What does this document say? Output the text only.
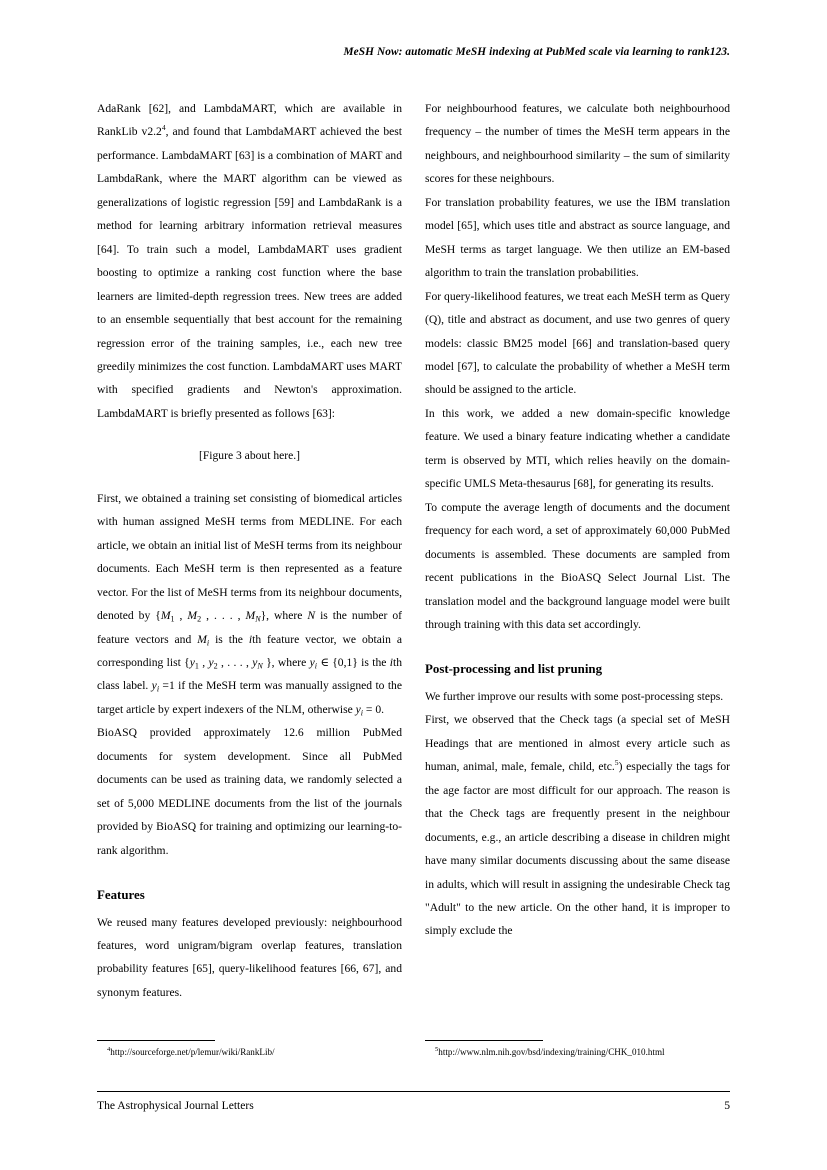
MeSH Now: automatic MeSH indexing at PubMed scale via learning to rank123.

AdaRank [62], and LambdaMART, which are available in RankLib v2.2$^4$, and found that LambdaMART achieved the best performance. LambdaMART [63] is a combination of MART and LambdaRank, where the MART algorithm can be viewed as generalizations of logistic regression [59] and LambdaRank is a method for learning arbitrary information retrieval measures [64]. To train such a model, LambdaMART uses gradient boosting to optimize a ranking cost function where the base learners are limited-depth regression trees. New trees are added to an ensemble sequentially that best account for the remaining regression error of the training samples, i.e., each new tree greedily minimizes the cost function. LambdaMART uses MART with specified gradients and Newton's approximation. LambdaMART is briefly presented as follows [63]:

[Figure 3 about here.]

First, we obtained a training set consisting of biomedical articles with human assigned MeSH terms from MEDLINE. For each article, we obtain an initial list of MeSH terms from its neighbour documents. Each MeSH term is then represented as a feature vector. For the list of MeSH terms from its neighbour documents, denoted by {$M_1$ , $M_2$ , . . . , $M_N$}, where N is the number of feature vectors and $M_i$ is the ith feature vector, we obtain a corresponding list {$y_1$ , $y_2$ , . . . , $y_N$ }, where $y_i$ ∈ {0,1} is the ith class label. $y_i =1$ if the MeSH term was manually assigned to the target article by expert indexers of the NLM, otherwise $y_i = 0$.

BioASQ provided approximately 12.6 million PubMed documents for system development. Since all PubMed documents can be used as training data, we randomly selected a set of 5,000 MEDLINE documents from the list of the journals provided by BioASQ for training and optimizing our learning-to-rank algorithm.

Features

We reused many features developed previously: neighbourhood features, word unigram/bigram overlap features, translation probability features [65], query-likelihood features [66, 67], and synonym features.

For neighbourhood features, we calculate both neighbourhood frequency – the number of times the MeSH term appears in the neighbours, and neighbourhood similarity – the sum of similarity scores for these neighbours.

For translation probability features, we use the IBM translation model [65], which uses title and abstract as source language, and MeSH terms as target language. We then utilize an EM-based algorithm to train the translation probabilities.

For query-likelihood features, we treat each MeSH term as Query (Q), title and abstract as document, and use two genres of query models: classic BM25 model [66] and translation-based query model [67], to calculate the probability of whether a MeSH term should be assigned to the article.

In this work, we added a new domain-specific knowledge feature. We used a binary feature indicating whether a candidate term is observed by MTI, which relies heavily on the domain-specific UMLS Meta-thesaurus [68], for generating its results.

To compute the average length of documents and the document frequency for each word, a set of approximately 60,000 PubMed documents is assembled. These documents are sampled from recent publications in the BioASQ Select Journal List. The translation model and the background language model were built through training with this data set accordingly.

Post-processing and list pruning

We further improve our results with some post-processing steps.

First, we observed that the Check tags (a special set of MeSH Headings that are mentioned in almost every article such as human, animal, male, female, child, etc.$^5$) especially the tags for the age factor are most difficult for our approach. The reason is that the Check tags are frequently present in the neighbour documents, e.g., an article describing a disease in children might have many similar documents discussing about the same disease in adults, which will result in assigning the undesirable Check tag "Adult" to the new article. On the other hand, it is improper to simply exclude the

$^4$http://sourceforge.net/p/lemur/wiki/RankLib/	$^5$http://www.nlm.nih.gov/bsd/indexing/training/CHK_010.html

The Astrophysical Journal Letters	5
